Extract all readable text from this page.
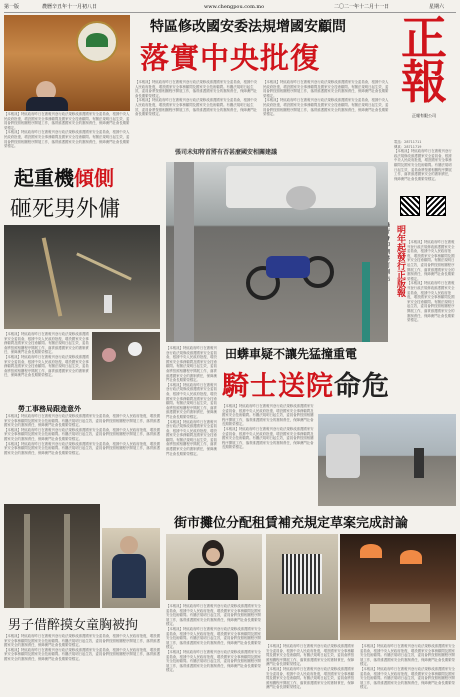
第一版	農曆辛丑年十一月初八日	www.chengpou.com.mo	二〇二一年十二月十一日	星期六

【本報訊】特區政府昨日在憲報刊登行政法規修改維護國家安全委員會，根據中央人民政府批復，增設國家安全事務顧問及國家安全技術顧問。有關法規明日起生效，委員會將按照相關程序開展工作，落實維護國家安全的憲制責任，保障澳門社會長期繁榮穩定。

【本報訊】特區政府昨日在憲報刊登行政法規修改維護國家安全委員會，根據中央人民政府批復，增設國家安全事務顧問及國家安全技術顧問。有關法規明日起生效，委員會將按照相關程序開展工作，落實維護國家安全的憲制責任，保障澳門社會長期繁榮穩定。

特區修改國安委法規增國安顧問
落實中央批復

【本報訊】特區政府昨日在憲報刊登行政法規修改維護國家安全委員會，根據中央人民政府批復，增設國家安全事務顧問及國家安全技術顧問。有關法規明日起生效，委員會將按照相關程序開展工作，落實維護國家安全的憲制責任，保障澳門社會長期繁榮穩定。

【本報訊】特區政府昨日在憲報刊登行政法規修改維護國家安全委員會，根據中央人民政府批復，增設國家安全事務顧問及國家安全技術顧問。有關法規明日起生效，委員會將按照相關程序開展工作，落實維護國家安全的憲制責任，保障澳門社會長期繁榮穩定。

【本報訊】特區政府昨日在憲報刊登行政法規修改維護國家安全委員會，根據中央人民政府批復，增設國家安全事務顧問及國家安全技術顧問。有關法規明日起生效，委員會將按照相關程序開展工作，落實維護國家安全的憲制責任，保障澳門社會長期繁榮穩定。

【本報訊】特區政府昨日在憲報刊登行政法規修改維護國家安全委員會，根據中央人民政府批復，增設國家安全事務顧問及國家安全技術顧問。有關法規明日起生效，委員會將按照相關程序開展工作，落實維護國家安全的憲制責任，保障澳門社會長期繁榮穩定。

張司未知特首將有否甚麼國安相關建議
正
報
正報有限公司

電話：28711711

傳真：28711719

【本報訊】特區政府昨日在憲報刊登行政法規修改維護國家安全委員會，根據中央人民政府批復，增設國家安全事務顧問及國家安全技術顧問。有關法規明日起生效，委員會將按照相關程序開展工作，落實維護國家安全的憲制責任，保障澳門社會長期繁榮穩定。

明年起發行正版報 【本報訊】特區政府昨日在憲報刊登行政法規修改維護國家安全委員會，根據中央人民政府批復，增設國家安全事務顧問及國家安全技術顧問。有關法規明日起生效，委員會將按照相關程序開展工作，落實維護國家安全的憲制責任，保障澳門社會長期繁榮穩定。

【本報訊】特區政府昨日在憲報刊登行政法規修改維護國家安全委員會，根據中央人民政府批復，增設國家安全事務顧問及國家安全技術顧問。有關法規明日起生效，委員會將按照相關程序開展工作，落實維護國家安全的憲制責任，保障澳門社會長期繁榮穩定。

起重機傾側
砸死男外傭

【本報訊】特區政府昨日在憲報刊登行政法規修改維護國家安全委員會，根據中央人民政府批復，增設國家安全事務顧問及國家安全技術顧問。有關法規明日起生效，委員會將按照相關程序開展工作，落實維護國家安全的憲制責任，保障澳門社會長期繁榮穩定。

【本報訊】特區政府昨日在憲報刊登行政法規修改維護國家安全委員會，根據中央人民政府批復，增設國家安全事務顧問及國家安全技術顧問。有關法規明日起生效，委員會將按照相關程序開展工作，落實維護國家安全的憲制責任，保障澳門社會長期繁榮穩定。

勞工事務局跟進意外

【本報訊】特區政府昨日在憲報刊登行政法規修改維護國家安全委員會，根據中央人民政府批復，增設國家安全事務顧問及國家安全技術顧問。有關法規明日起生效，委員會將按照相關程序開展工作，落實維護國家安全的憲制責任，保障澳門社會長期繁榮穩定。

【本報訊】特區政府昨日在憲報刊登行政法規修改維護國家安全委員會，根據中央人民政府批復，增設國家安全事務顧問及國家安全技術顧問。有關法規明日起生效，委員會將按照相關程序開展工作，落實維護國家安全的憲制責任，保障澳門社會長期繁榮穩定。

【本報訊】特區政府昨日在憲報刊登行政法規修改維護國家安全委員會，根據中央人民政府批復，增設國家安全事務顧問及國家安全技術顧問。有關法規明日起生效，委員會將按照相關程序開展工作，落實維護國家安全的憲制責任，保障澳門社會長期繁榮穩定。

田蠎車疑不讓先猛撞重電
騎士送院命危

【本報訊】特區政府昨日在憲報刊登行政法規修改維護國家安全委員會，根據中央人民政府批復，增設國家安全事務顧問及國家安全技術顧問。有關法規明日起生效，委員會將按照相關程序開展工作，落實維護國家安全的憲制責任，保障澳門社會長期繁榮穩定。

【本報訊】特區政府昨日在憲報刊登行政法規修改維護國家安全委員會，根據中央人民政府批復，增設國家安全事務顧問及國家安全技術顧問。有關法規明日起生效，委員會將按照相關程序開展工作，落實維護國家安全的憲制責任，保障澳門社會長期繁榮穩定。

【本報訊】特區政府昨日在憲報刊登行政法規修改維護國家安全委員會，根據中央人民政府批復，增設國家安全事務顧問及國家安全技術顧問。有關法規明日起生效，委員會將按照相關程序開展工作，落實維護國家安全的憲制責任，保障澳門社會長期繁榮穩定。

【本報訊】特區政府昨日在憲報刊登行政法規修改維護國家安全委員會，根據中央人民政府批復，增設國家安全事務顧問及國家安全技術顧問。有關法規明日起生效，委員會將按照相關程序開展工作，落實維護國家安全的憲制責任，保障澳門社會長期繁榮穩定。

【本報訊】特區政府昨日在憲報刊登行政法規修改維護國家安全委員會，根據中央人民政府批復，增設國家安全事務顧問及國家安全技術顧問。有關法規明日起生效，委員會將按照相關程序開展工作，落實維護國家安全的憲制責任，保障澳門社會長期繁榮穩定。

街市攤位分配租賃補充規定草案完成討論

【本報訊】特區政府昨日在憲報刊登行政法規修改維護國家安全委員會，根據中央人民政府批復，增設國家安全事務顧問及國家安全技術顧問。有關法規明日起生效，委員會將按照相關程序開展工作，落實維護國家安全的憲制責任，保障澳門社會長期繁榮穩定。

【本報訊】特區政府昨日在憲報刊登行政法規修改維護國家安全委員會，根據中央人民政府批復，增設國家安全事務顧問及國家安全技術顧問。有關法規明日起生效，委員會將按照相關程序開展工作，落實維護國家安全的憲制責任，保障澳門社會長期繁榮穩定。

【本報訊】特區政府昨日在憲報刊登行政法規修改維護國家安全委員會，根據中央人民政府批復，增設國家安全事務顧問及國家安全技術顧問。有關法規明日起生效，委員會將按照相關程序開展工作，落實維護國家安全的憲制責任，保障澳門社會長期繁榮穩定。

【本報訊】特區政府昨日在憲報刊登行政法規修改維護國家安全委員會，根據中央人民政府批復，增設國家安全事務顧問及國家安全技術顧問。有關法規明日起生效，委員會將按照相關程序開展工作，落實維護國家安全的憲制責任，保障澳門社會長期繁榮穩定。

【本報訊】特區政府昨日在憲報刊登行政法規修改維護國家安全委員會，根據中央人民政府批復，增設國家安全事務顧問及國家安全技術顧問。有關法規明日起生效，委員會將按照相關程序開展工作，落實維護國家安全的憲制責任，保障澳門社會長期繁榮穩定。

【本報訊】特區政府昨日在憲報刊登行政法規修改維護國家安全委員會，根據中央人民政府批復，增設國家安全事務顧問及國家安全技術顧問。有關法規明日起生效，委員會將按照相關程序開展工作，落實維護國家安全的憲制責任，保障澳門社會長期繁榮穩定。

【本報訊】特區政府昨日在憲報刊登行政法規修改維護國家安全委員會，根據中央人民政府批復，增設國家安全事務顧問及國家安全技術顧問。有關法規明日起生效，委員會將按照相關程序開展工作，落實維護國家安全的憲制責任，保障澳門社會長期繁榮穩定。

男子借醉摸女童胸被拘

【本報訊】特區政府昨日在憲報刊登行政法規修改維護國家安全委員會，根據中央人民政府批復，增設國家安全事務顧問及國家安全技術顧問。有關法規明日起生效，委員會將按照相關程序開展工作，落實維護國家安全的憲制責任，保障澳門社會長期繁榮穩定。

【本報訊】特區政府昨日在憲報刊登行政法規修改維護國家安全委員會，根據中央人民政府批復，增設國家安全事務顧問及國家安全技術顧問。有關法規明日起生效，委員會將按照相關程序開展工作，落實維護國家安全的憲制責任，保障澳門社會長期繁榮穩定。
